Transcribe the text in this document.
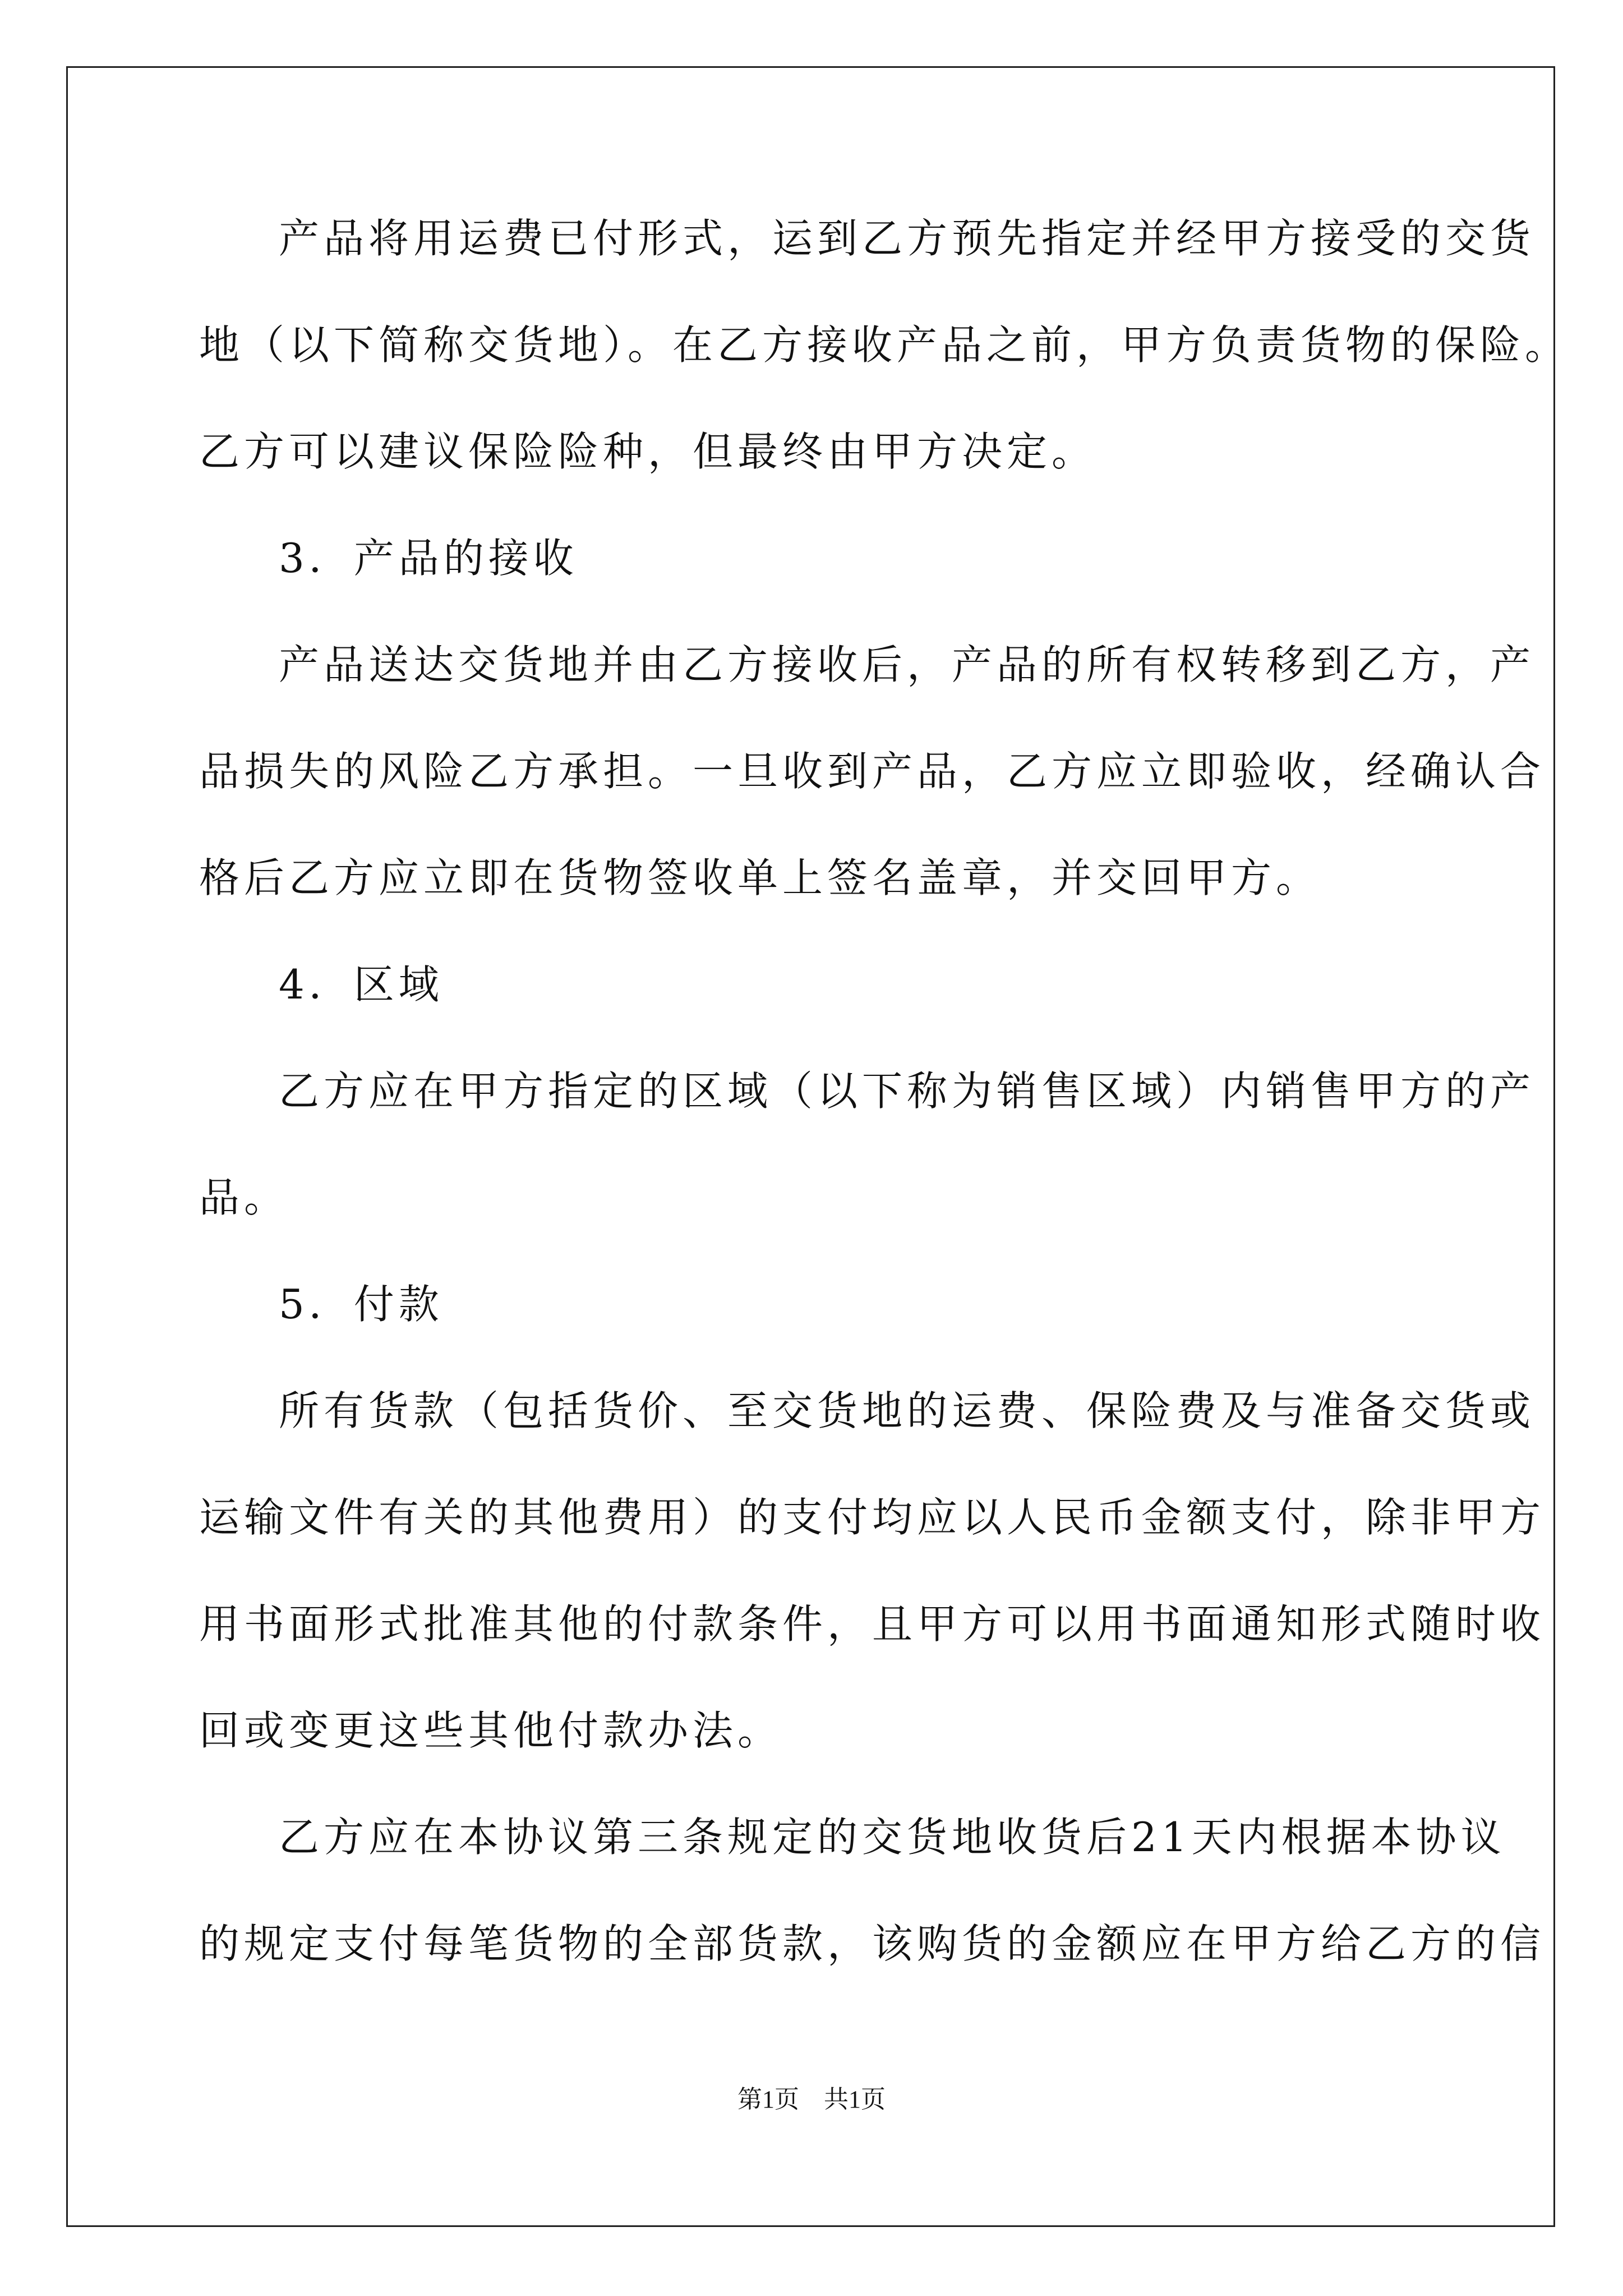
产品将用运费已付形式，运到乙方预先指定并经甲方接受的交货
地（以下简称交货地）。在乙方接收产品之前，甲方负责货物的保险。
乙方可以建议保险险种，但最终由甲方决定。
3．产品的接收
产品送达交货地并由乙方接收后，产品的所有权转移到乙方，产
品损失的风险乙方承担。一旦收到产品，乙方应立即验收，经确认合
格后乙方应立即在货物签收单上签名盖章，并交回甲方。
4．区域
乙方应在甲方指定的区域（以下称为销售区域）内销售甲方的产
品。
5．付款
所有货款（包括货价、至交货地的运费、保险费及与准备交货或
运输文件有关的其他费用）的支付均应以人民币金额支付，除非甲方
用书面形式批准其他的付款条件，且甲方可以用书面通知形式随时收
回或变更这些其他付款办法。
乙方应在本协议第三条规定的交货地收货后21天内根据本协议
的规定支付每笔货物的全部货款，该购货的金额应在甲方给乙方的信
第1页　共1页
